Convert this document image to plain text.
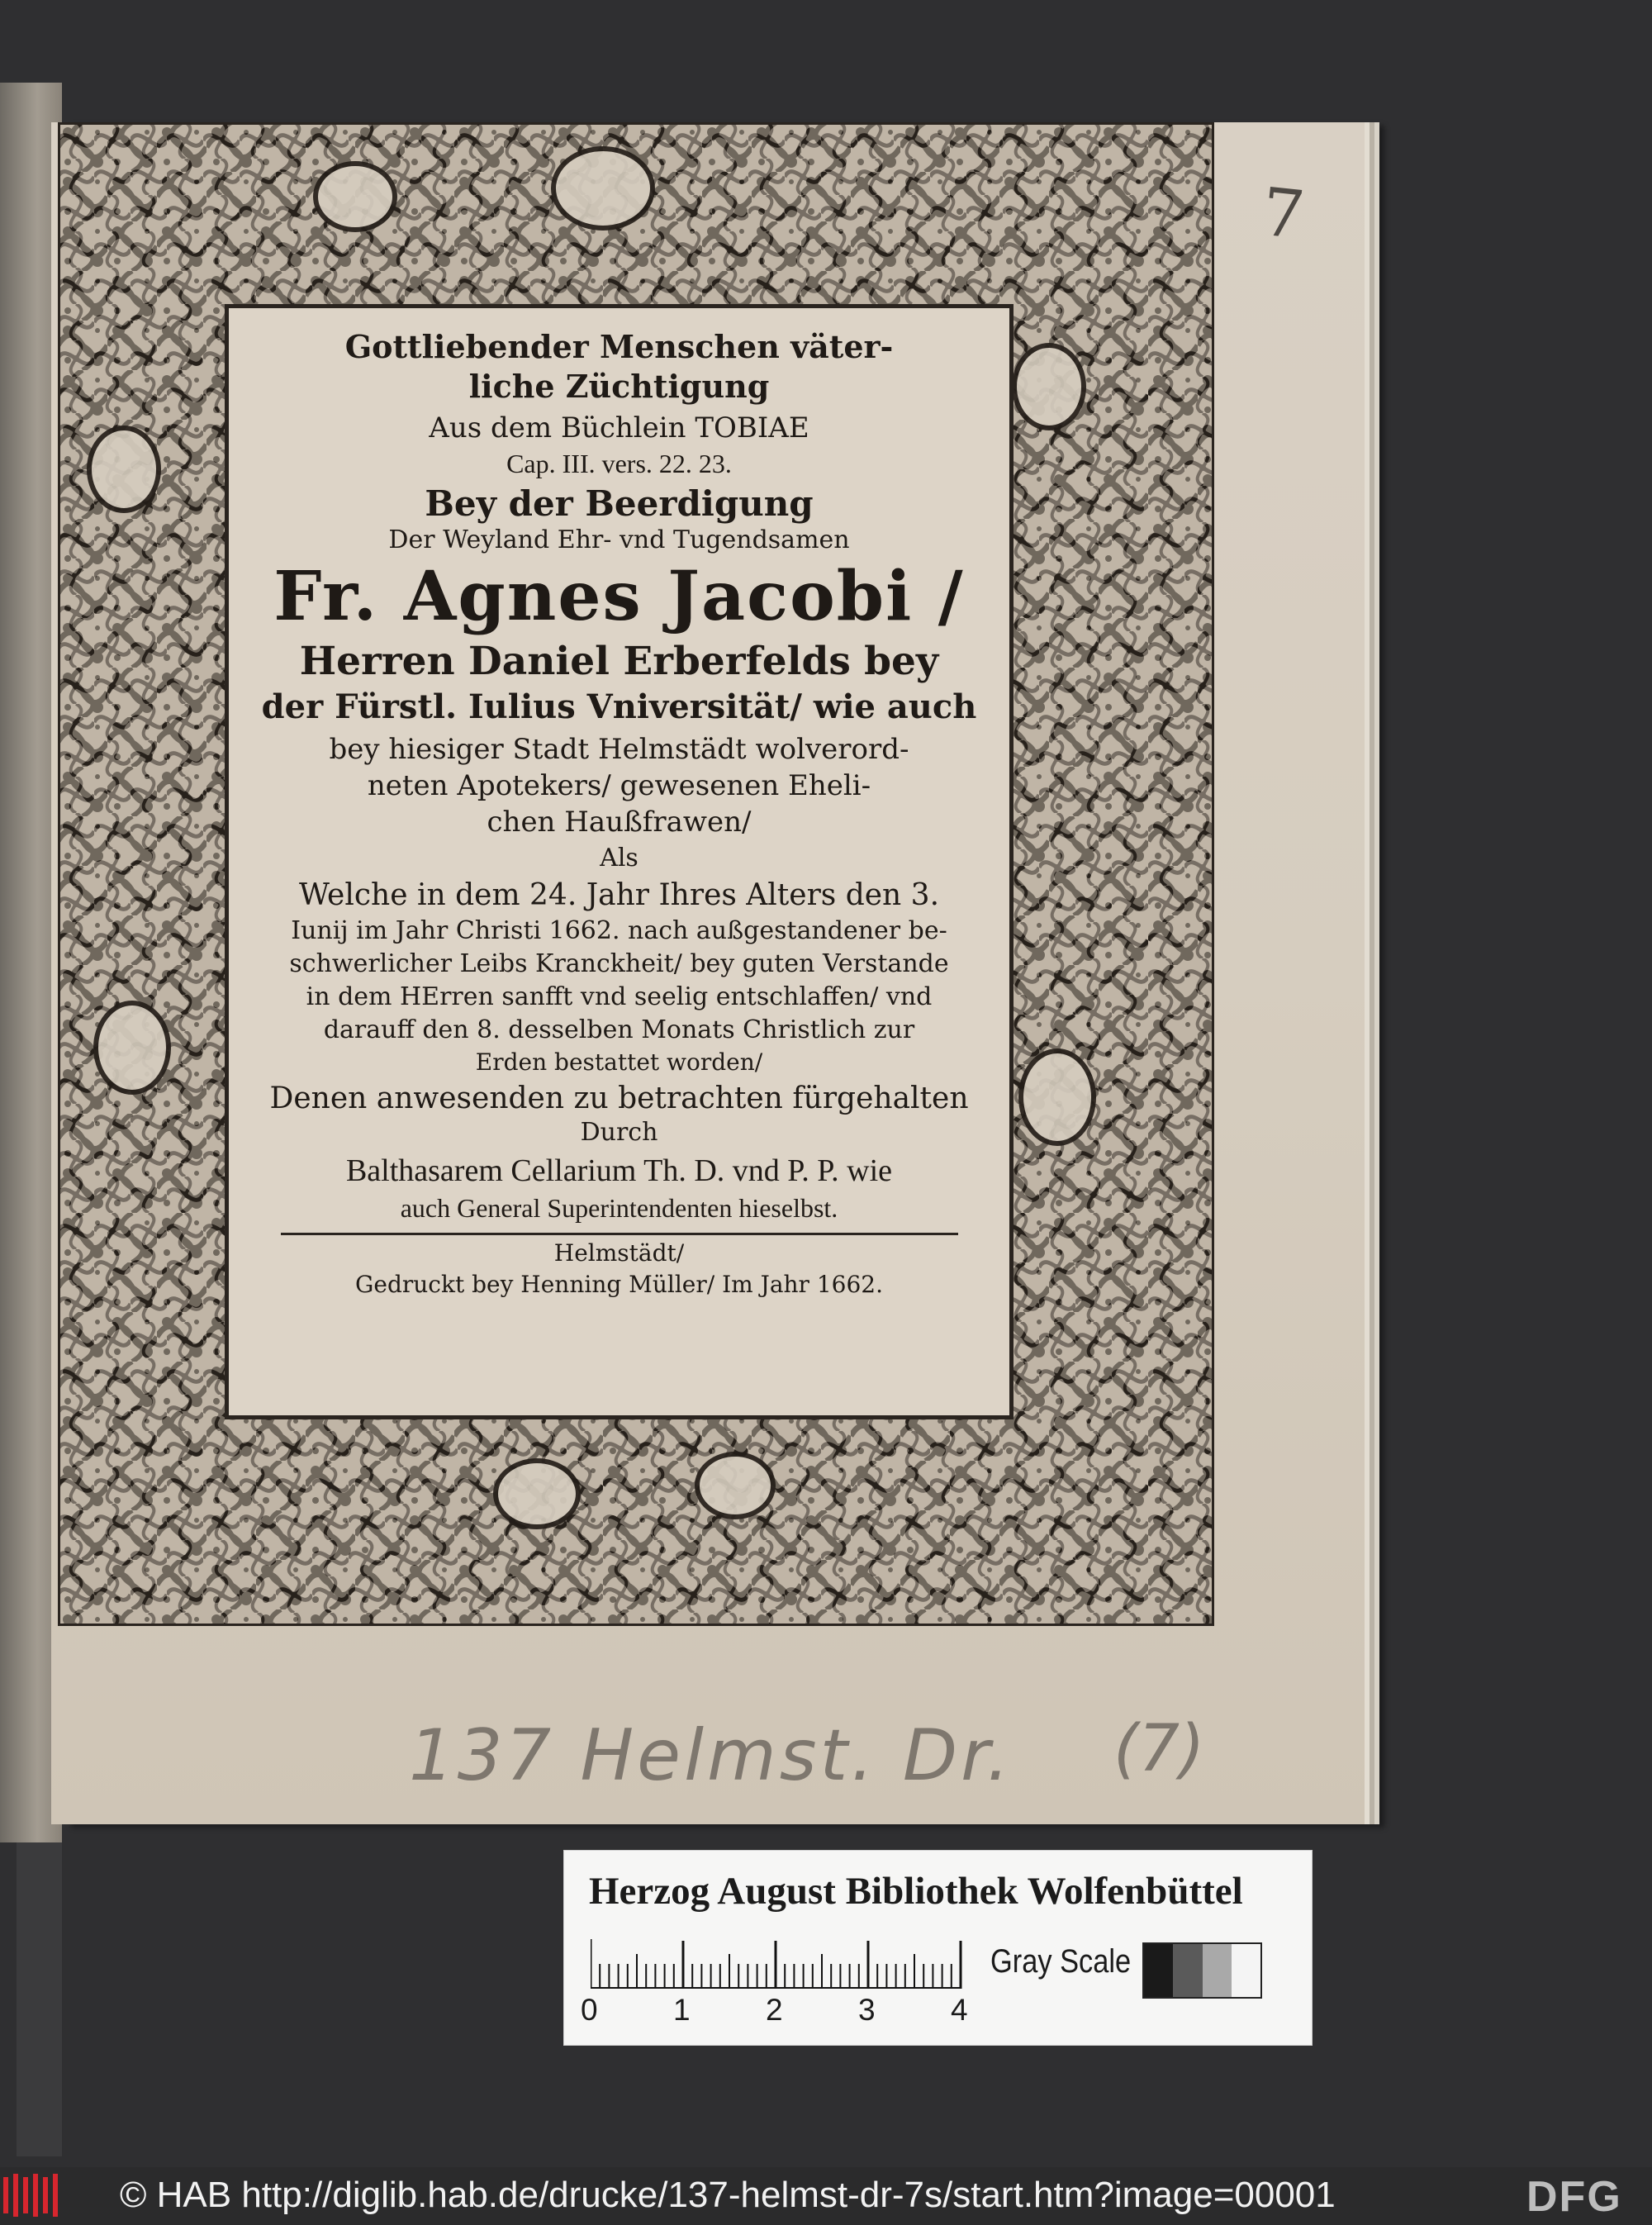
Gottliebender Menschen väter-
liche Züchtigung
Aus dem Büchlein TOBIAE
Cap. III. vers. 22. 23.
Bey der Beerdigung
Der Weyland Ehr- vnd Tugendsamen
Fr. Agnes Jacobi /
Herren Daniel Erberfelds bey
der Fürstl. Iulius Vniversität/ wie auch
bey hiesiger Stadt Helmstädt wolverord-
neten Apotekers/ gewesenen Eheli-
chen Haußfrawen/
Als
Welche in dem 24. Jahr Ihres Alters den 3.
Iunij im Jahr Christi 1662. nach außgestandener be-
schwerlicher Leibs Kranckheit/ bey guten Verstande
in dem HErren sanfft vnd seelig entschlaffen/ vnd
darauff den 8. desselben Monats Christlich zur
Erden bestattet worden/
Denen anwesenden zu betrachten fürgehalten
Durch
Balthasarem Cellarium Th. D. vnd P. P. wie
auch General Superintendenten hieselbst.
Helmstädt/
Gedruckt bey Henning Müller/ Im Jahr 1662.
7
137 Helmst. Dr. (7)
Herzog August Bibliothek Wolfenbüttel
Gray Scale
0 1 2 3 4
© HAB http://diglib.hab.de/drucke/137-helmst-dr-7s/start.htm?image=00001	DFG
